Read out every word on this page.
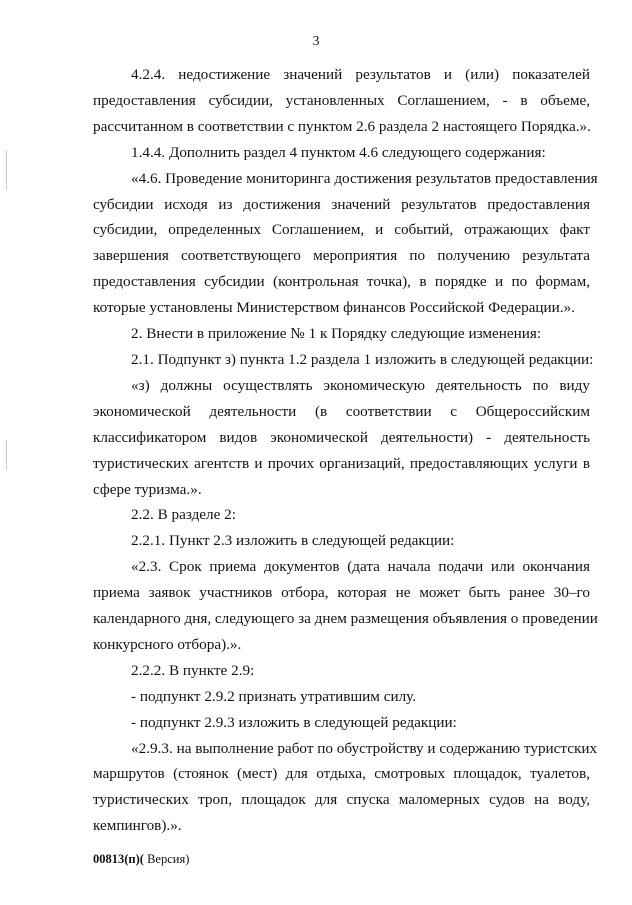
3

4.2.4. недостижение значений результатов и (или) показателей
предоставления субсидии, установленных Соглашением, - в объеме,
рассчитанном в соответствии с пунктом 2.6 раздела 2 настоящего Порядка.».

1.4.4. Дополнить раздел 4 пунктом 4.6 следующего содержания:

«4.6. Проведение мониторинга достижения результатов предоставления
субсидии исходя из достижения значений результатов предоставления
субсидии, определенных Соглашением, и событий, отражающих факт
завершения соответствующего мероприятия по получению результата
предоставления субсидии (контрольная точка), в порядке и по формам,
которые установлены Министерством финансов Российской Федерации.».

2. Внести в приложение № 1 к Порядку следующие изменения:

2.1. Подпункт з) пункта 1.2 раздела 1 изложить в следующей редакции:

«з) должны осуществлять экономическую деятельность по виду
экономической деятельности (в соответствии с Общероссийским
классификатором видов экономической деятельности) - деятельность
туристических агентств и прочих организаций, предоставляющих услуги в
сфере туризма.».

2.2. В разделе 2:

2.2.1. Пункт 2.3 изложить в следующей редакции:

«2.3. Срок приема документов (дата начала подачи или окончания
приема заявок участников отбора, которая не может быть ранее 30–го
календарного дня, следующего за днем размещения объявления о проведении
конкурсного отбора).».

2.2.2. В пункте 2.9:

- подпункт 2.9.2 признать утратившим силу.

- подпункт 2.9.3 изложить в следующей редакции:

«2.9.3. на выполнение работ по обустройству и содержанию туристских
маршрутов (стоянок (мест) для отдыха, смотровых площадок, туалетов,
туристических троп, площадок для спуска маломерных судов на воду,
кемпингов).».

00813(п)( Версия)
